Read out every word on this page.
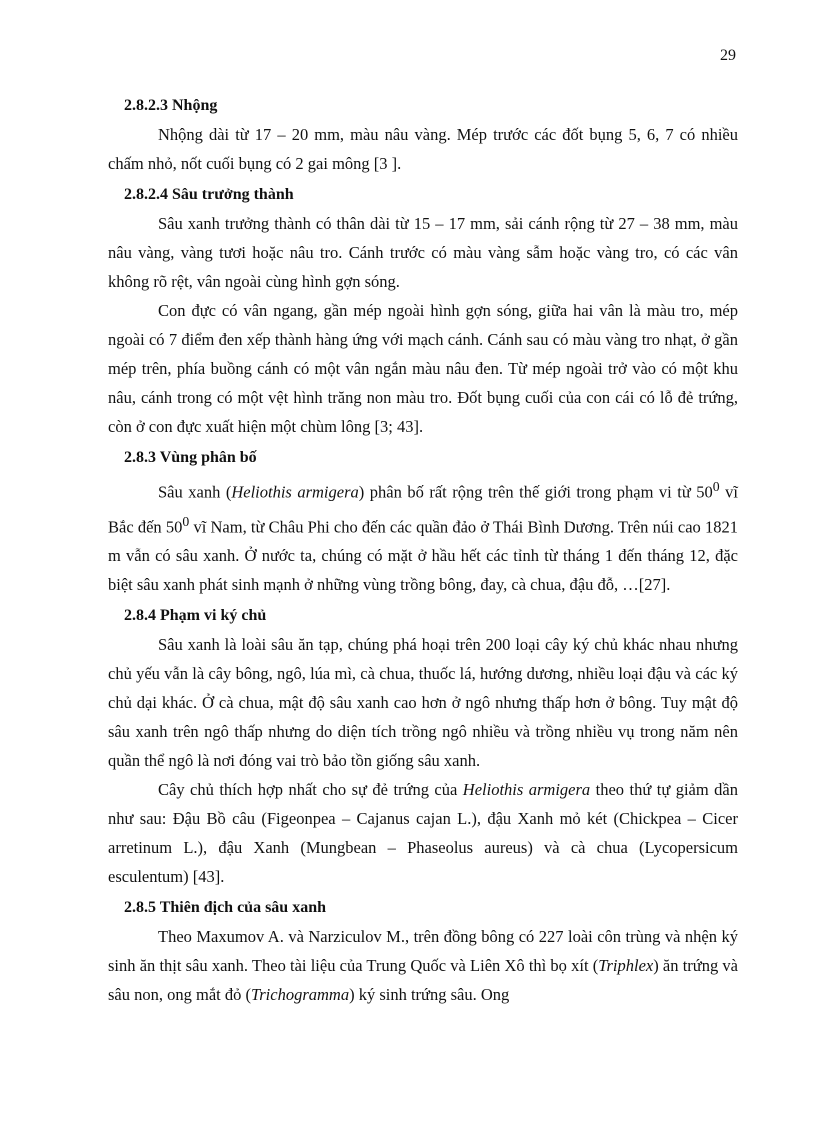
29
2.8.2.3 Nhộng

Nhộng dài từ 17 – 20 mm, màu nâu vàng. Mép trước các đốt bụng 5, 6, 7 có nhiều chấm nhỏ, nốt cuối bụng có 2 gai mông [3 ].

2.8.2.4 Sâu trưởng thành

Sâu xanh trưởng thành có thân dài từ 15 – 17 mm, sải cánh rộng từ 27 – 38 mm, màu nâu vàng, vàng tươi hoặc nâu tro. Cánh trước có màu vàng sẫm hoặc vàng tro, có các vân không rõ rệt, vân ngoài cùng hình gợn sóng.

Con đực có vân ngang, gần mép ngoài hình gợn sóng, giữa hai vân là màu tro, mép ngoài có 7 điểm đen xếp thành hàng ứng với mạch cánh. Cánh sau có màu vàng tro nhạt, ở gần mép trên, phía buồng cánh có một vân ngắn màu nâu đen. Từ mép ngoài trở vào có một khu nâu, cánh trong có một vệt hình trăng non màu tro. Đốt bụng cuối của con cái có lỗ đẻ trứng, còn ở con đực xuất hiện một chùm lông [3; 43].

2.8.3 Vùng phân bố

Sâu xanh (Heliothis armigera) phân bố rất rộng trên thế giới trong phạm vi từ $50^0$ vĩ Bắc đến $50^0$ vĩ Nam, từ Châu Phi cho đến các quần đảo ở Thái Bình Dương. Trên núi cao 1821 m vẫn có sâu xanh. Ở nước ta, chúng có mặt ở hầu hết các tỉnh từ tháng 1 đến tháng 12, đặc biệt sâu xanh phát sinh mạnh ở những vùng trồng bông, đay, cà chua, đậu đỗ, …[27].

2.8.4 Phạm vi ký chủ

Sâu xanh là loài sâu ăn tạp, chúng phá hoại trên 200 loại cây ký chủ khác nhau nhưng chủ yếu vẫn là cây bông, ngô, lúa mì, cà chua, thuốc lá, hướng dương, nhiều loại đậu và các ký chủ dại khác. Ở cà chua, mật độ sâu xanh cao hơn ở ngô nhưng thấp hơn ở bông. Tuy mật độ sâu xanh trên ngô thấp nhưng do diện tích trồng ngô nhiều và trồng nhiều vụ trong năm nên quần thể ngô là nơi đóng vai trò bảo tồn giống sâu xanh.

Cây chủ thích hợp nhất cho sự đẻ trứng của Heliothis armigera theo thứ tự giảm dần như sau: Đậu Bồ câu (Figeonpea – Cajanus cajan L.), đậu Xanh mỏ két (Chickpea – Cicer arretinum L.), đậu Xanh (Mungbean – Phaseolus aureus) và cà chua (Lycopersicum esculentum) [43].

2.8.5 Thiên địch của sâu xanh

Theo Maxumov A. và Narziculov M., trên đồng bông có 227 loài côn trùng và nhện ký sinh ăn thịt sâu xanh. Theo tài liệu của Trung Quốc và Liên Xô thì bọ xít (Triphlex) ăn trứng và sâu non, ong mắt đỏ (Trichogramma) ký sinh trứng sâu. Ong
